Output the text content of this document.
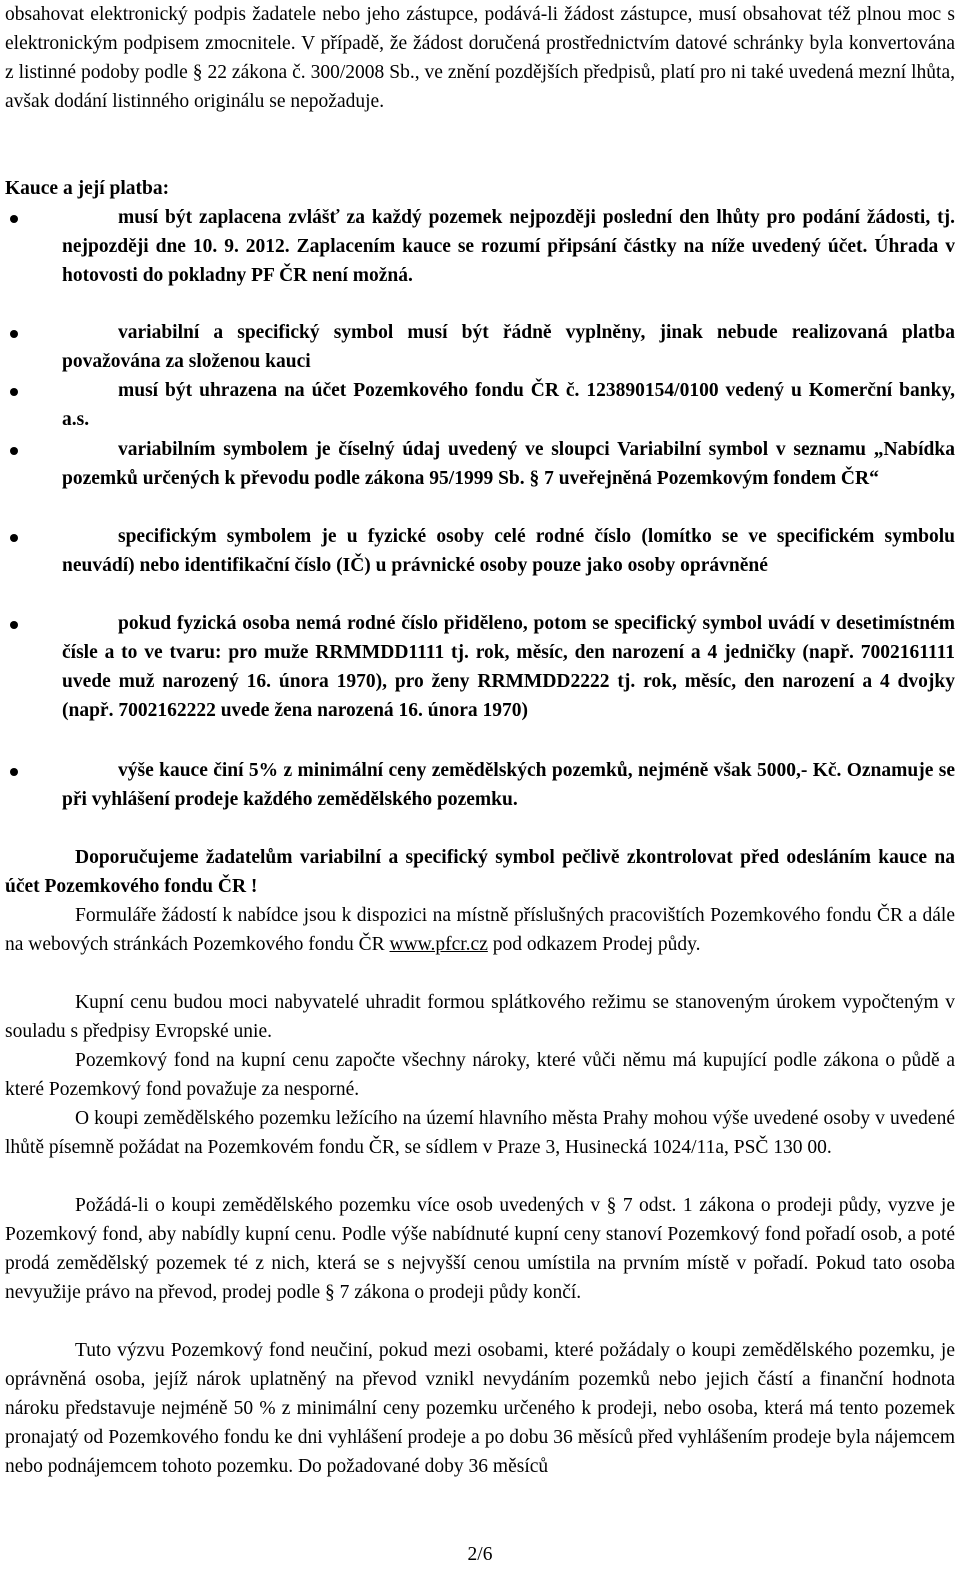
obsahovat elektronický podpis žadatele nebo jeho zástupce, podává-li žádost zástupce, musí obsahovat též plnou moc s elektronickým podpisem zmocnitele. V případě, že žádost doručená prostřednictvím datové schránky byla konvertována z listinné podoby podle § 22 zákona č. 300/2008 Sb., ve znění pozdějších předpisů, platí pro ni také uvedená mezní lhůta, avšak dodání listinného originálu se nepožaduje.

Kauce a její platba:

musí být zaplacena zvlášť za každý pozemek nejpozději poslední den lhůty pro podání žádosti, tj. nejpozději dne 10. 9. 2012. Zaplacením kauce se rozumí připsání částky na níže uvedený účet. Úhrada v hotovosti do pokladny PF ČR není možná.
variabilní a specifický symbol musí být řádně vyplněny, jinak nebude realizovaná platba považována za složenou kauci
musí být uhrazena na účet Pozemkového fondu ČR č. 123890154/0100 vedený u Komerční banky, a.s.
variabilním symbolem je číselný údaj uvedený ve sloupci Variabilní symbol v seznamu „Nabídka pozemků určených k převodu podle zákona 95/1999 Sb. § 7 uveřejněná Pozemkovým fondem ČR“
specifickým symbolem je u fyzické osoby celé rodné číslo (lomítko se ve specifickém symbolu neuvádí) nebo identifikační číslo (IČ) u právnické osoby pouze jako osoby oprávněné
pokud fyzická osoba nemá rodné číslo přiděleno, potom se specifický symbol uvádí v desetimístném čísle a to ve tvaru: pro muže RRMMDD1111 tj. rok, měsíc, den narození a 4 jedničky (např. 7002161111 uvede muž narozený 16. února 1970), pro ženy RRMMDD2222 tj. rok, měsíc, den narození a 4 dvojky (např. 7002162222 uvede žena narozená 16. února 1970)
výše kauce činí 5% z minimální ceny zemědělských pozemků, nejméně však 5000,- Kč. Oznamuje se při vyhlášení prodeje každého zemědělského pozemku.

Doporučujeme žadatelům variabilní a specifický symbol pečlivě zkontrolovat před odesláním kauce na účet Pozemkového fondu ČR !

Formuláře žádostí k nabídce jsou k dispozici na místně příslušných pracovištích Pozemkového fondu ČR a dále na webových stránkách Pozemkového fondu ČR www.pfcr.cz pod odkazem Prodej půdy.

Kupní cenu budou moci nabyvatelé uhradit formou splátkového režimu se stanoveným úrokem vypočteným v souladu s předpisy Evropské unie.

Pozemkový fond na kupní cenu započte všechny nároky, které vůči němu má kupující podle zákona o půdě a které Pozemkový fond považuje za nesporné.

O koupi zemědělského pozemku ležícího na území hlavního města Prahy mohou výše uvedené osoby v uvedené lhůtě písemně požádat na Pozemkovém fondu ČR, se sídlem v Praze 3, Husinecká 1024/11a, PSČ 130 00.

Požádá-li o koupi zemědělského pozemku více osob uvedených v § 7 odst. 1 zákona o prodeji půdy, vyzve je Pozemkový fond, aby nabídly kupní cenu. Podle výše nabídnuté kupní ceny stanoví Pozemkový fond pořadí osob, a poté prodá zemědělský pozemek té z nich, která se s nejvyšší cenou umístila na prvním místě v pořadí. Pokud tato osoba nevyužije právo na převod, prodej podle § 7 zákona o prodeji půdy končí.

Tuto výzvu Pozemkový fond neučiní, pokud mezi osobami, které požádaly o koupi zemědělského pozemku, je oprávněná osoba, jejíž nárok uplatněný na převod vznikl nevydáním pozemků nebo jejich částí a finanční hodnota nároku představuje nejméně 50 % z minimální ceny pozemku určeného k prodeji, nebo osoba, která má tento pozemek pronajatý od Pozemkového fondu ke dni vyhlášení prodeje a po dobu 36 měsíců před vyhlášením prodeje byla nájemcem nebo podnájemcem tohoto pozemku. Do požadované doby 36 měsíců

2/6
